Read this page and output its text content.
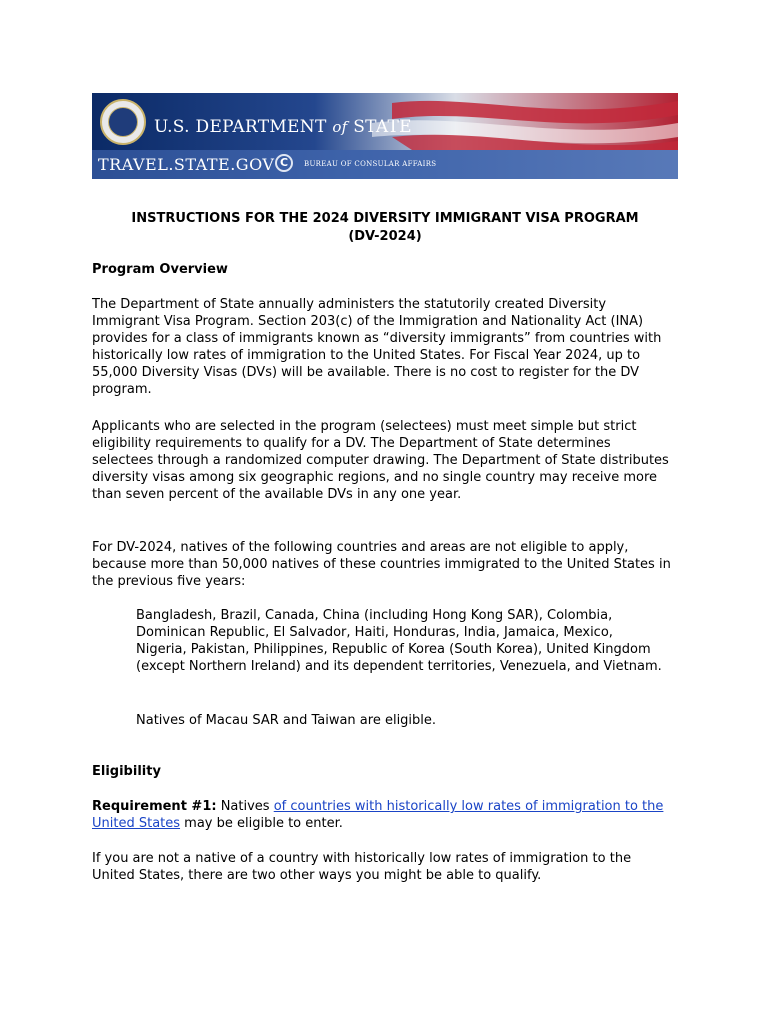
U.S. DEPARTMENT of STATE
TRAVEL.STATE.GOV C	BUREAU OF CONSULAR AFFAIRS
INSTRUCTIONS FOR THE 2024 DIVERSITY IMMIGRANT VISA PROGRAM
(DV-2024)
Program Overview
The Department of State annually administers the statutorily created Diversity Immigrant Visa Program. Section 203(c) of the Immigration and Nationality Act (INA) provides for a class of immigrants known as “diversity immigrants” from countries with historically low rates of immigration to the United States. For Fiscal Year 2024, up to 55,000 Diversity Visas (DVs) will be available. There is no cost to register for the DV program.
Applicants who are selected in the program (selectees) must meet simple but strict eligibility requirements to qualify for a DV. The Department of State determines selectees through a randomized computer drawing. The Department of State distributes diversity visas among six geographic regions, and no single country may receive more than seven percent of the available DVs in any one year.
For DV-2024, natives of the following countries and areas are not eligible to apply, because more than 50,000 natives of these countries immigrated to the United States in the previous five years:
Bangladesh, Brazil, Canada, China (including Hong Kong SAR), Colombia, Dominican Republic, El Salvador, Haiti, Honduras, India, Jamaica, Mexico, Nigeria, Pakistan, Philippines, Republic of Korea (South Korea), United Kingdom (except Northern Ireland) and its dependent territories, Venezuela, and Vietnam.
Natives of Macau SAR and Taiwan are eligible.
Eligibility
Requirement #1: Natives of countries with historically low rates of immigration to the United States may be eligible to enter.
If you are not a native of a country with historically low rates of immigration to the United States, there are two other ways you might be able to qualify.
